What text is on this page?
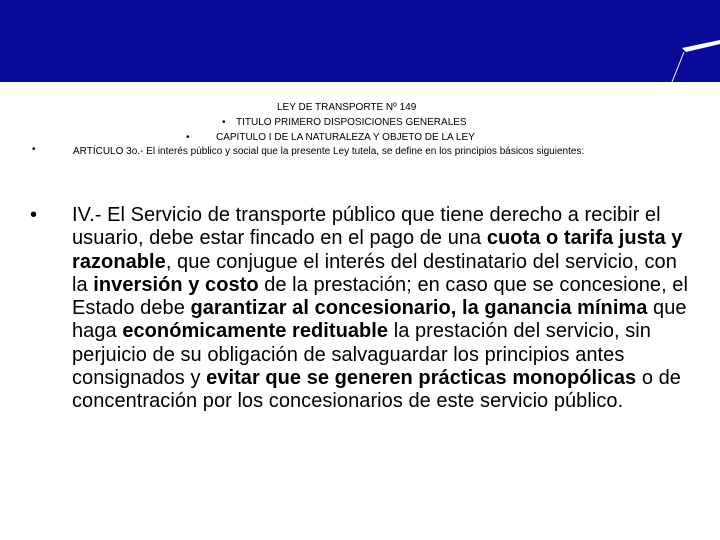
LEY DE TRANSPORTE Nº 149
• TITULO PRIMERO DISPOSICIONES GENERALES
•	CAPITULO I DE LA NATURALEZA Y OBJETO DE LA LEY
•	ARTÍCULO 3o.- El interés público y social que la presente Ley tutela, se define en los principios básicos siguientes:
• IV.- El Servicio de transporte público que tiene derecho a recibir el usuario, debe estar fincado en el pago de una cuota o tarifa justa y razonable, que conjugue el interés del destinatario del servicio, con la inversión y costo de la prestación; en caso que se concesione, el Estado debe garantizar al concesionario, la ganancia mínima que haga económicamente redituable la prestación del servicio, sin perjuicio de su obligación de salvaguardar los principios antes consignados y evitar que se generen prácticas monopólicas o de concentración por los concesionarios de este servicio público.
